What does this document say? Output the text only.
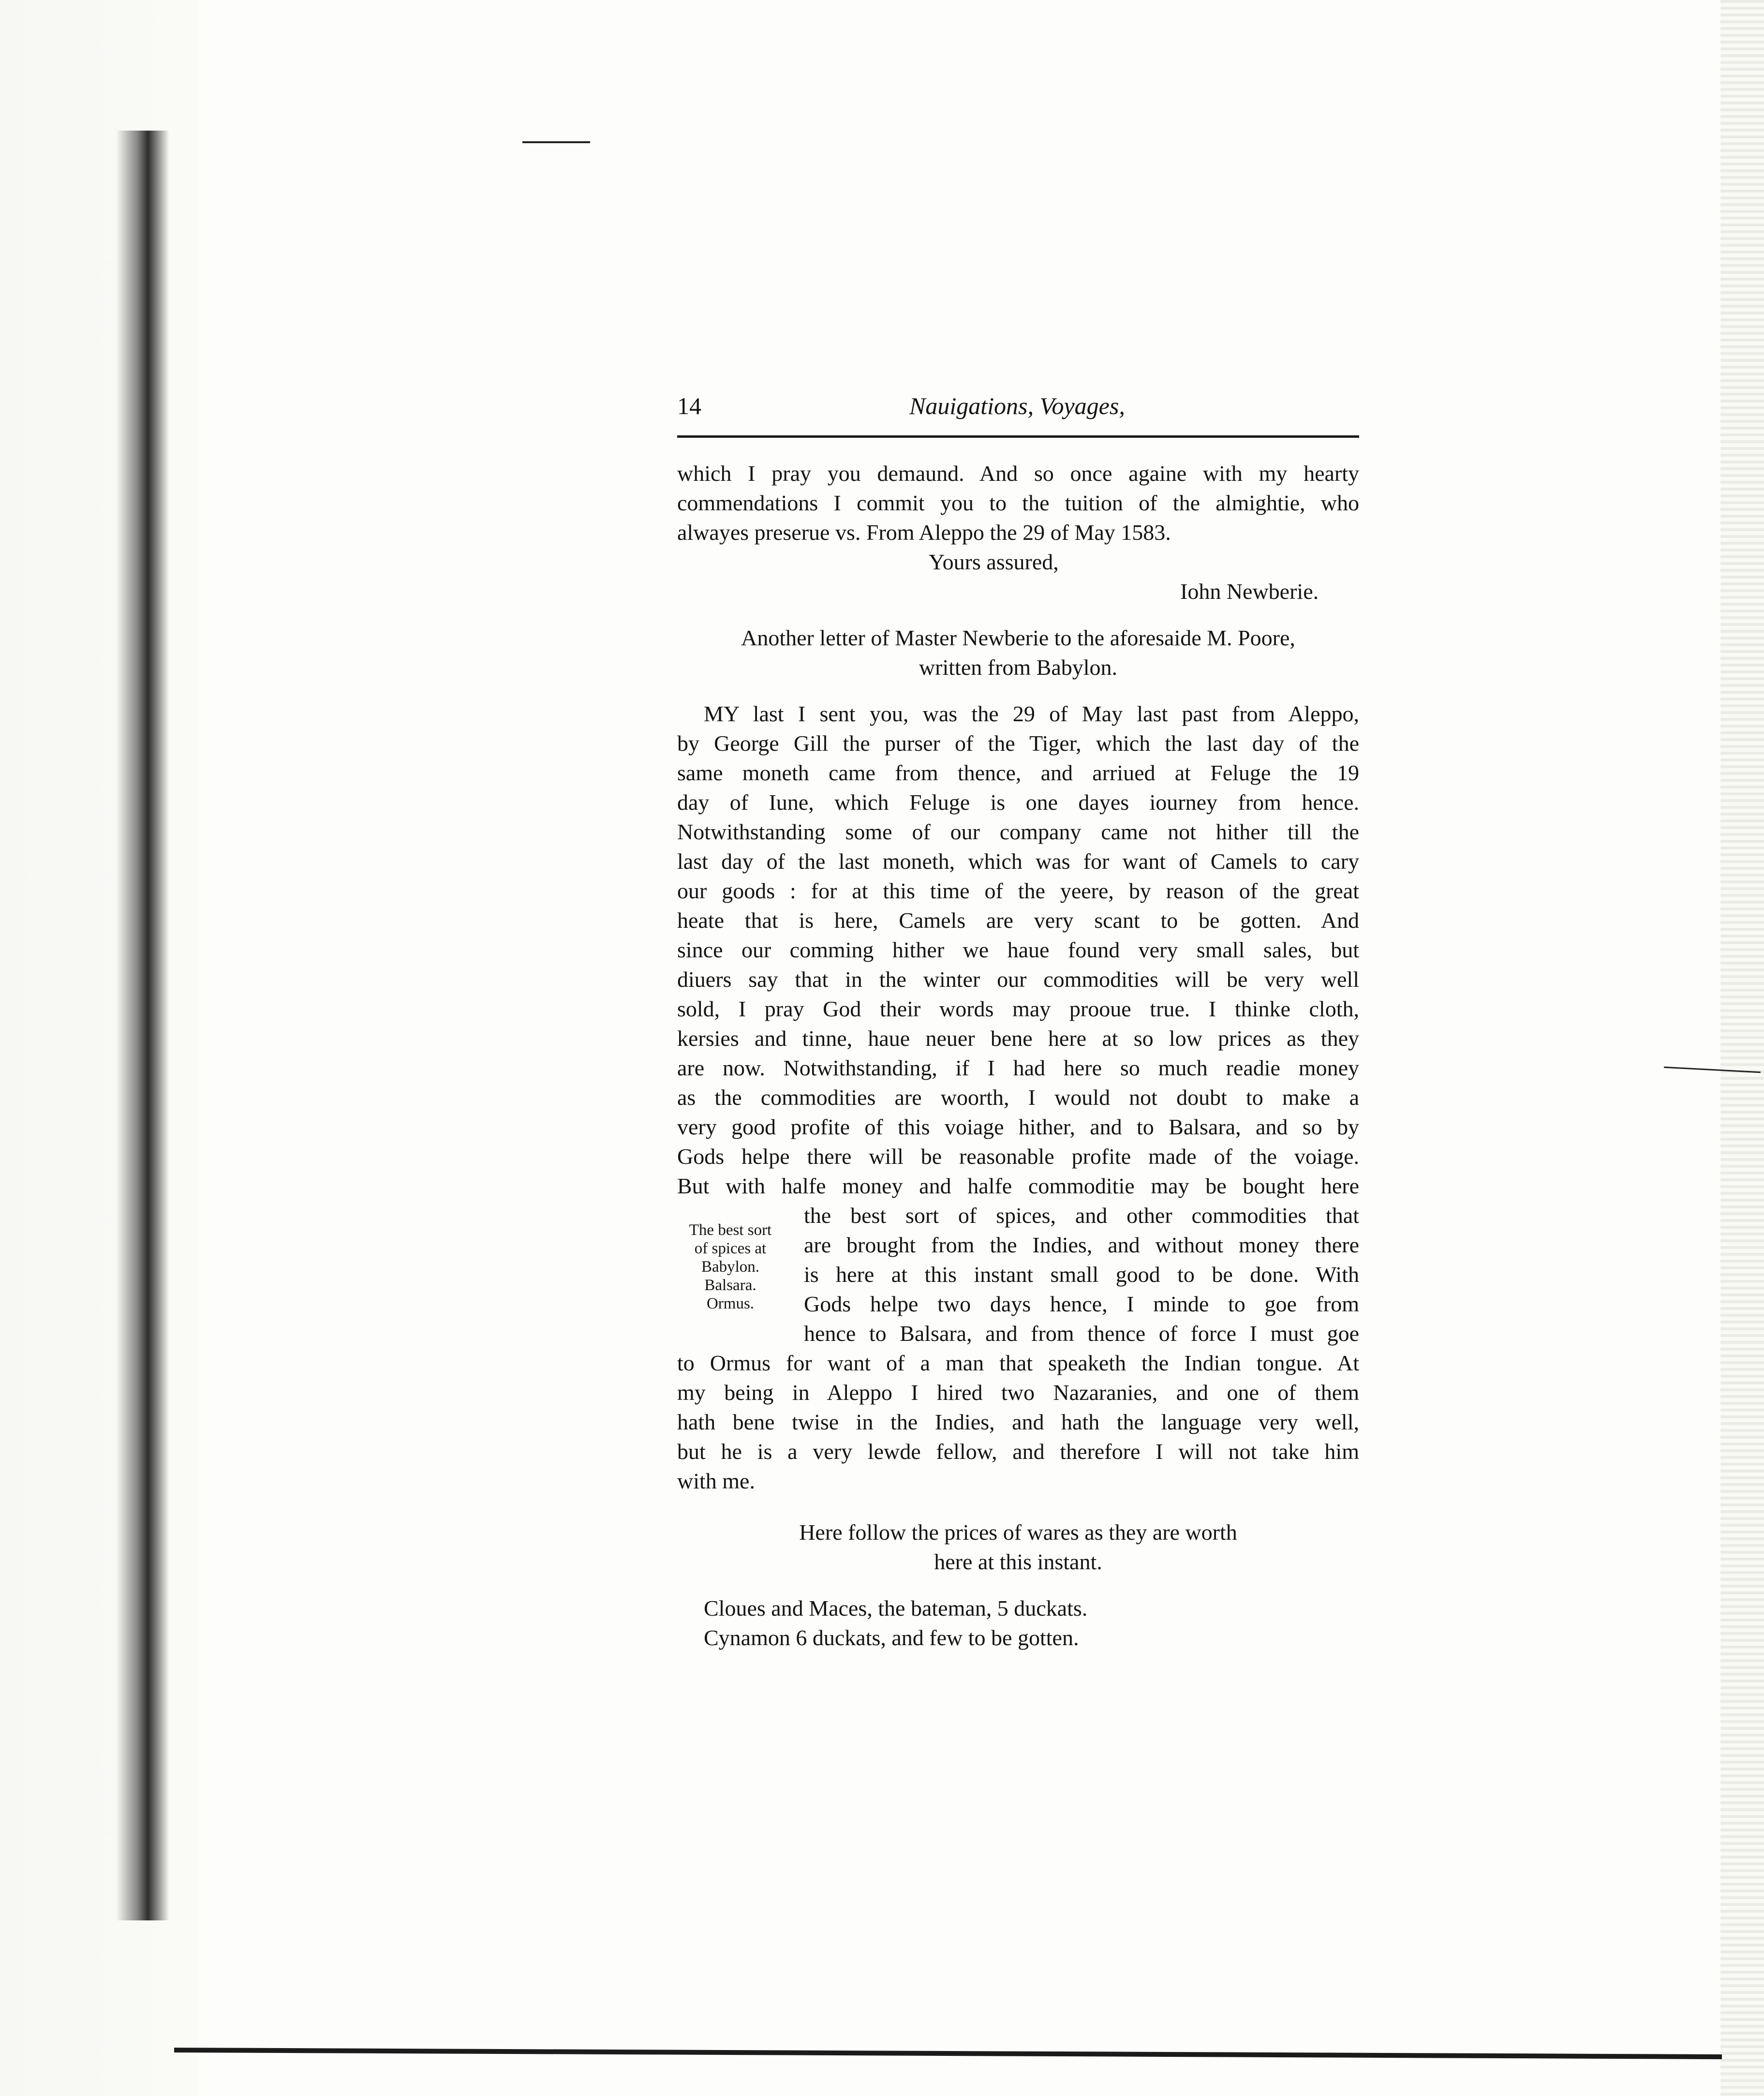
14	Nauigations, Voyages,
which I pray you demaund. And so once againe with my hearty
commendations I commit you to the tuition of the almightie, who
alwayes preserue vs. From Aleppo the 29 of May 1583.
Yours assured,
Iohn Newberie.
Another letter of Master Newberie to the aforesaide M. Poore,
written from Babylon.
MY last I sent you, was the 29 of May last past from Aleppo,
by George Gill the purser of the Tiger, which the last day of the
same moneth came from thence, and arriued at Feluge the 19
day of Iune, which Feluge is one dayes iourney from hence.
Notwithstanding some of our company came not hither till the
last day of the last moneth, which was for want of Camels to cary
our goods : for at this time of the yeere, by reason of the great
heate that is here, Camels are very scant to be gotten. And
since our comming hither we haue found very small sales, but
diuers say that in the winter our commodities will be very well
sold, I pray God their words may prooue true. I thinke cloth,
kersies and tinne, haue neuer bene here at so low prices as they
are now. Notwithstanding, if I had here so much readie money
as the commodities are woorth, I would not doubt to make a
very good profite of this voiage hither, and to Balsara, and so by
Gods helpe there will be reasonable profite made of the voiage.
But with halfe money and halfe commoditie may be bought here
The best sort
of spices at
Babylon.
Balsara.
Ormus.
the best sort of spices, and other commodities that
are brought from the Indies, and without money there
is here at this instant small good to be done. With
Gods helpe two days hence, I minde to goe from
hence to Balsara, and from thence of force I must goe
to Ormus for want of a man that speaketh the Indian tongue. At
my being in Aleppo I hired two Nazaranies, and one of them
hath bene twise in the Indies, and hath the language very well,
but he is a very lewde fellow, and therefore I will not take him
with me.
Here follow the prices of wares as they are worth
here at this instant.
Cloues and Maces, the bateman, 5 duckats.
Cynamon 6 duckats, and few to be gotten.
